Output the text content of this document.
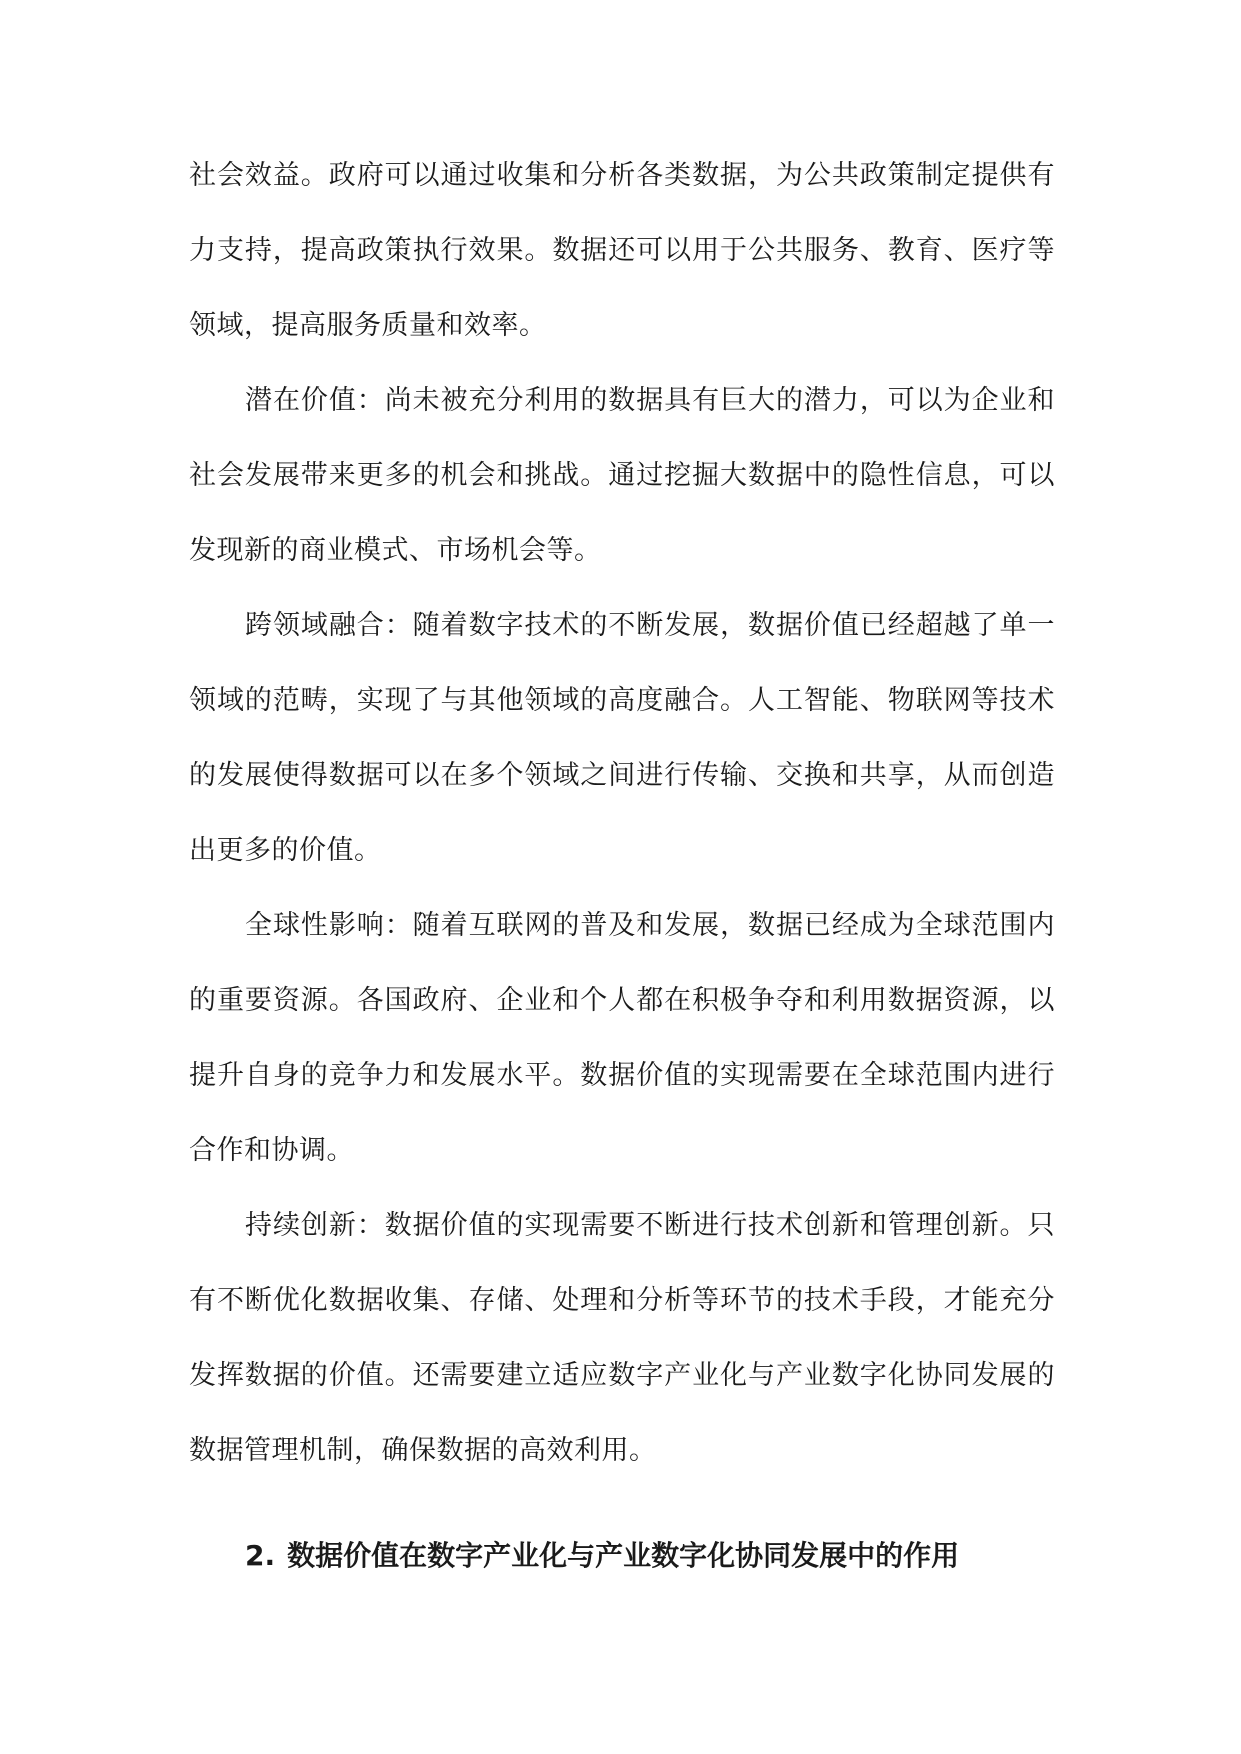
社会效益。政府可以通过收集和分析各类数据，为公共政策制定提供有力支持，提高政策执行效果。数据还可以用于公共服务、教育、医疗等领域，提高服务质量和效率。

潜在价值：尚未被充分利用的数据具有巨大的潜力，可以为企业和社会发展带来更多的机会和挑战。通过挖掘大数据中的隐性信息，可以发现新的商业模式、市场机会等。

跨领域融合：随着数字技术的不断发展，数据价值已经超越了单一领域的范畴，实现了与其他领域的高度融合。人工智能、物联网等技术的发展使得数据可以在多个领域之间进行传输、交换和共享，从而创造出更多的价值。

全球性影响：随着互联网的普及和发展，数据已经成为全球范围内的重要资源。各国政府、企业和个人都在积极争夺和利用数据资源，以提升自身的竞争力和发展水平。数据价值的实现需要在全球范围内进行合作和协调。

持续创新：数据价值的实现需要不断进行技术创新和管理创新。只有不断优化数据收集、存储、处理和分析等环节的技术手段，才能充分发挥数据的价值。还需要建立适应数字产业化与产业数字化协同发展的数据管理机制，确保数据的高效利用。

2. 数据价值在数字产业化与产业数字化协同发展中的作用
